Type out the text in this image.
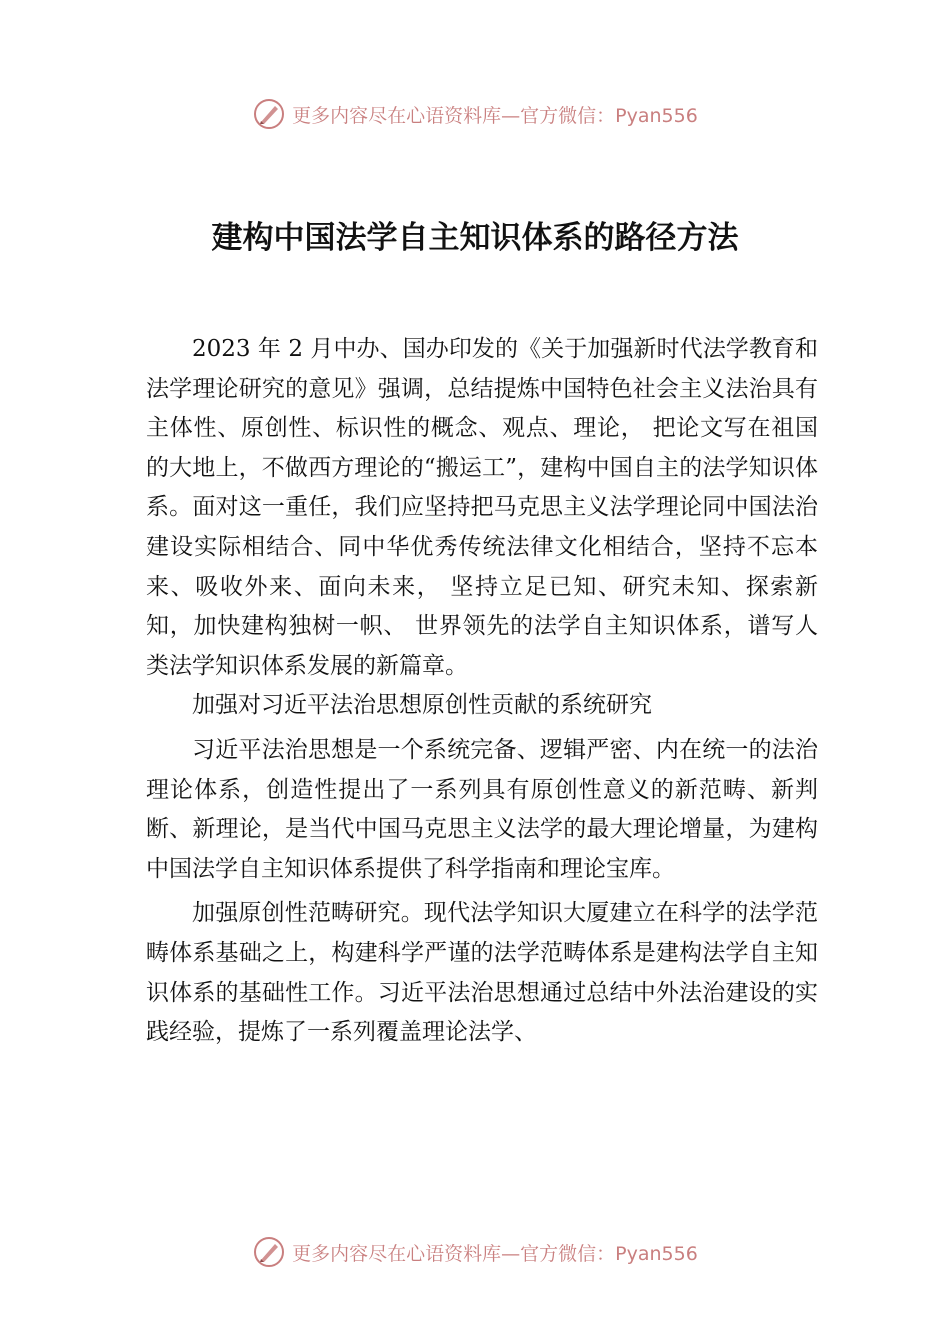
更多内容尽在心语资料库—官方微信：Pyan556
建构中国法学自主知识体系的路径方法

2023 年 2 月中办、国办印发的《关于加强新时代法学教育和法学理论研究的意见》强调，总结提炼中国特色社会主义法治具有主体性、原创性、标识性的概念、观点、理论， 把论文写在祖国的大地上，不做西方理论的“搬运工”，建构中国自主的法学知识体系。面对这一重任，我们应坚持把马克思主义法学理论同中国法治建设实际相结合、同中华优秀传统法律文化相结合，坚持不忘本来、吸收外来、面向未来， 坚持立足已知、研究未知、探索新知，加快建构独树一帜、 世界领先的法学自主知识体系，谱写人类法学知识体系发展的新篇章。

加强对习近平法治思想原创性贡献的系统研究

习近平法治思想是一个系统完备、逻辑严密、内在统一的法治理论体系，创造性提出了一系列具有原创性意义的新范畴、新判断、新理论，是当代中国马克思主义法学的最大理论增量，为建构中国法学自主知识体系提供了科学指南和理论宝库。

加强原创性范畴研究。现代法学知识大厦建立在科学的法学范畴体系基础之上，构建科学严谨的法学范畴体系是建构法学自主知识体系的基础性工作。习近平法治思想通过总结中外法治建设的实践经验，提炼了一系列覆盖理论法学、

更多内容尽在心语资料库—官方微信：Pyan556
